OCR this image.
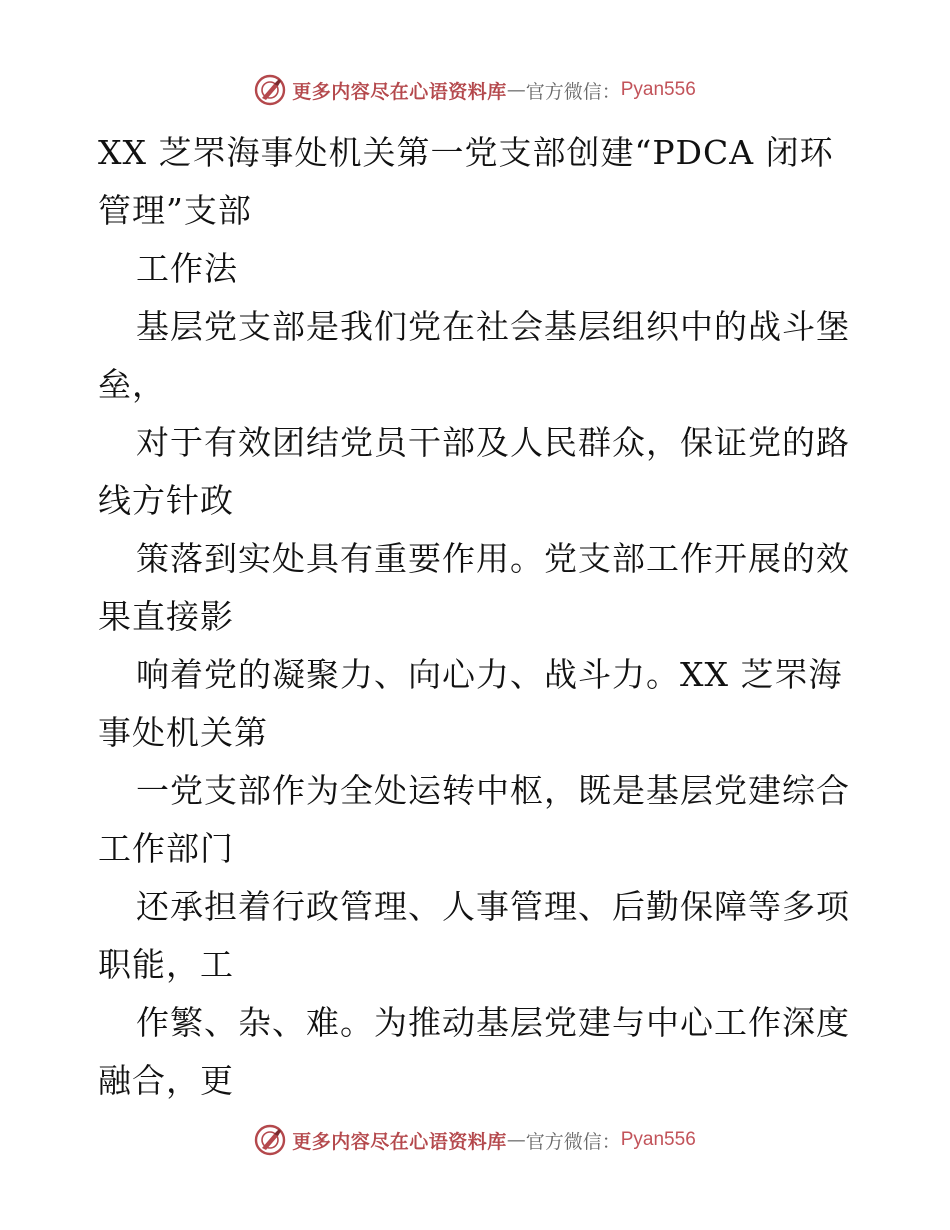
更多内容尽在心语资料库 — 官方微信： Pyan556
XX 芝罘海事处机关第一党支部创建“PDCA 闭环
管理”支部
工作法
基层党支部是我们党在社会基层组织中的战斗堡
垒，
对于有效团结党员干部及人民群众，保证党的路
线方针政
策落到实处具有重要作用。党支部工作开展的效
果直接影
响着党的凝聚力、向心力、战斗力。XX 芝罘海
事处机关第
一党支部作为全处运转中枢，既是基层党建综合
工作部门
还承担着行政管理、人事管理、后勤保障等多项
职能，工
作繁、杂、难。为推动基层党建与中心工作深度
融合，更
更多内容尽在心语资料库 — 官方微信： Pyan556
